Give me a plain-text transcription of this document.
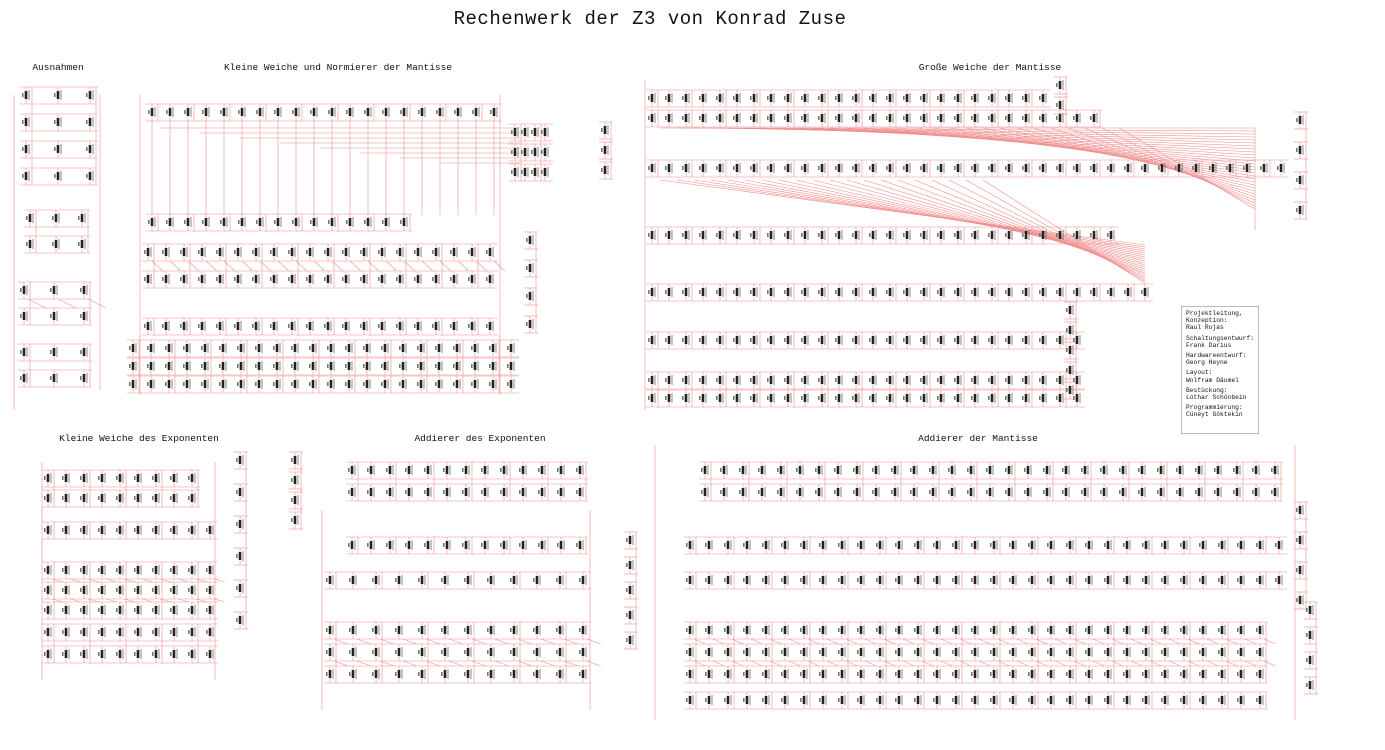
Rechenwerk der Z3 von Konrad Zuse
Ausnahmen	Kleine Weiche und Normierer der Mantisse	Große Weiche der Mantisse
Kleine Weiche des Exponenten	Addierer des Exponenten	Addierer der Mantisse
Projektleitung, Konzeption:
Raul Rojas
Schaltungsentwurf:
Frank Darius
Hardwareentwurf:
Georg Heyne
Layout:
Wolfram Däumel
Bestückung:
Lothar Schönbein
Programmierung:
Cüneyt Göktekin
